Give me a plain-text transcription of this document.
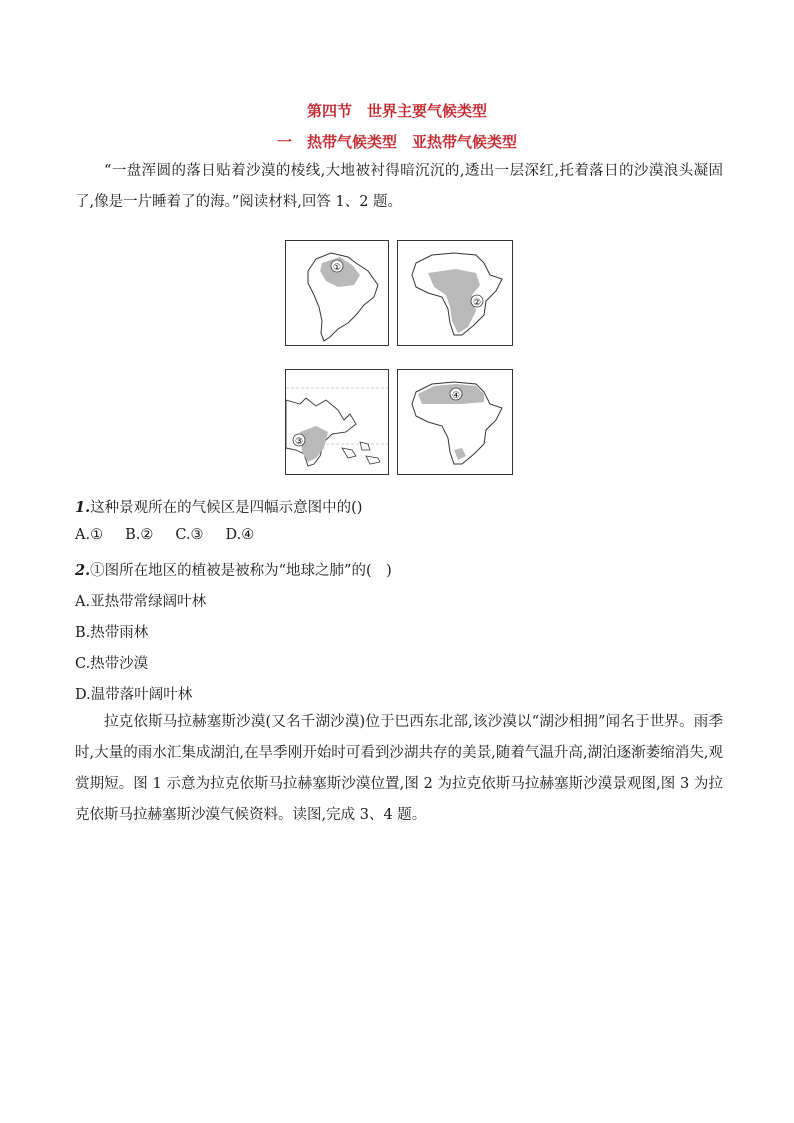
第四节　世界主要气候类型
一　热带气候类型　亚热带气候类型
“一盘浑圆的落日贴着沙漠的棱线,大地被衬得暗沉沉的,透出一层深红,托着落日的沙漠浪头凝固了,像是一片睡着了的海。”阅读材料,回答 1、2 题。
①
②
③
④
1.这种景观所在的气候区是四幅示意图中的()
A.① B.② C.③ D.④
2.①图所在地区的植被是被称为“地球之肺”的(　)
A.亚热带常绿阔叶林
B.热带雨林
C.热带沙漠
D.温带落叶阔叶林
拉克依斯马拉赫塞斯沙漠(又名千湖沙漠)位于巴西东北部,该沙漠以“湖沙相拥”闻名于世界。雨季时,大量的雨水汇集成湖泊,在旱季刚开始时可看到沙湖共存的美景,随着气温升高,湖泊逐渐萎缩消失,观赏期短。图 1 示意为拉克依斯马拉赫塞斯沙漠位置,图 2 为拉克依斯马拉赫塞斯沙漠景观图,图 3 为拉克依斯马拉赫塞斯沙漠气候资料。读图,完成 3、4 题。
